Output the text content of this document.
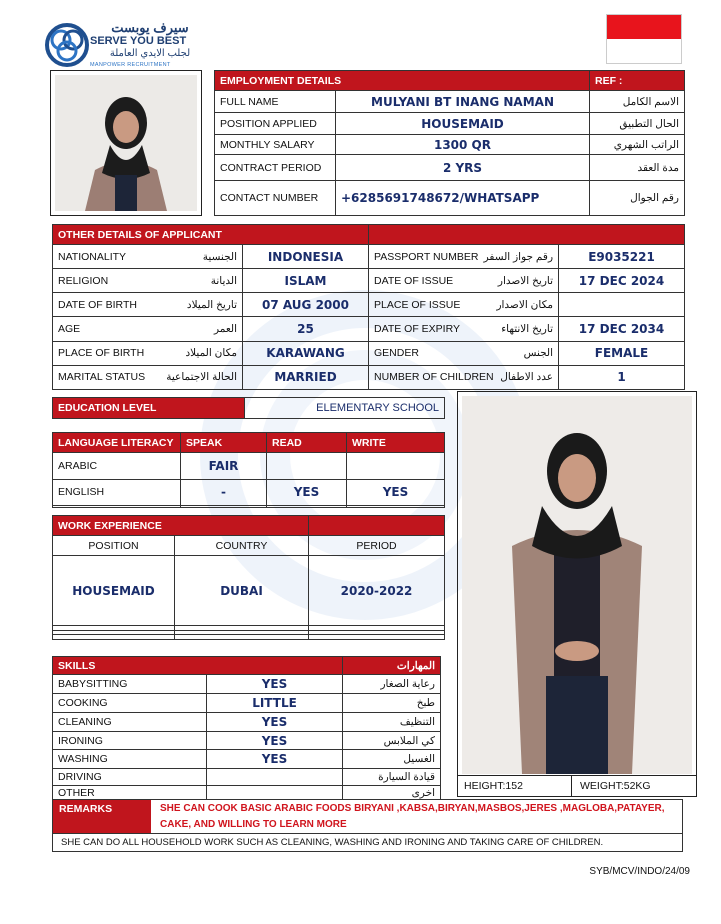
سيرف يوبست
SERVE YOU BEST
لجلب الايدي العاملة
MANPOWER RECRUITMENT
EMPLOYMENT DETAILS		REF :
FULL NAME	MULYANI BT INANG NAMAN	الاسم الكامل
POSITION APPLIED	HOUSEMAID	الحال التطبيق
MONTHLY SALARY	1300 QR	الراتب الشهري
CONTRACT PERIOD	2 YRS	مدة العقد
CONTACT NUMBER	+6285691748672/WHATSAPP	رقم الجوال
OTHER DETAILS OF APPLICANT			

NATIONALITY الجنسية	INDONESIA	PASSPORT NUMBER رقم جواز السفر	E9035221

RELIGION الديانة	ISLAM	DATE OF ISSUE تاريخ الاصدار	17 DEC 2024

DATE OF BIRTH تاريخ الميلاد	07 AUG 2000	PLACE OF ISSUE مكان الاصدار	

AGE العمر	25	DATE OF EXPIRY تاريخ الانتهاء	17 DEC 2034

PLACE OF BIRTH مكان الميلاد	KARAWANG	GENDER الجنس	FEMALE

MARITAL STATUS الحالة الاجتماعية	MARRIED	NUMBER OF CHILDREN عدد الاطفال	1
EDUCATION LEVEL	ELEMENTARY SCHOOL
LANGUAGE LITERACY	SPEAK	READ	WRITE
ARABIC	FAIR		
ENGLISH	-	YES	YES

WORK EXPERIENCE		
POSITION	COUNTRY	PERIOD
HOUSEMAID	DUBAI	2020-2022

HEIGHT:152	WEIGHT:52KG
SKILLS		المهارات
BABYSITTING	YES	رعاية الصغار
COOKING	LITTLE	طبخ
CLEANING	YES	التنظيف
IRONING	YES	كي الملابس
WASHING	YES	الغسيل
DRIVING		قيادة السيارة
OTHER		اخرى
REMARKS	SHE CAN COOK BASIC ARABIC FOODS BIRYANI ,KABSA,BIRYAN,MASBOS,JERES ,MAGLOBA,PATAYER,
CAKE, AND WILLING TO LEARN MORE
SHE CAN DO ALL HOUSEHOLD WORK SUCH AS CLEANING, WASHING AND IRONING AND TAKING CARE OF CHILDREN.
SYB/MCV/INDO/24/09
